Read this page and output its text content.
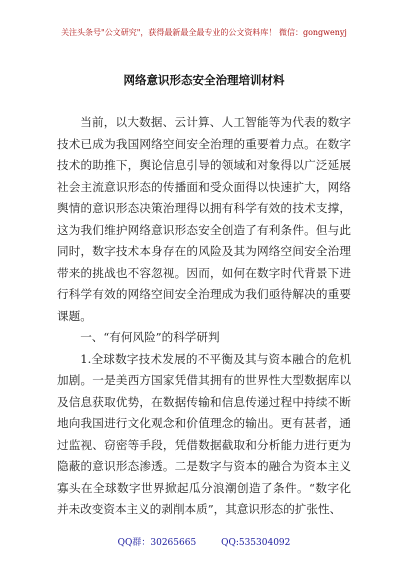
关注头条号"公文研究"，获得最新最全最专业的公文资料库！ 微信：gongwenyj
网络意识形态安全治理培训材料

当前，以大数据、云计算、人工智能等为代表的数字技术已成为我国网络空间安全治理的重要着力点。在数字技术的助推下，舆论信息引导的领域和对象得以广泛延展社会主流意识形态的传播面和受众面得以快速扩大，网络舆情的意识形态决策治理得以拥有科学有效的技术支撑，这为我们维护网络意识形态安全创造了有利条件。但与此同时，数字技术本身存在的风险及其为网络空间安全治理带来的挑战也不容忽视。因而，如何在数字时代背景下进行科学有效的网络空间安全治理成为我们亟待解决的重要课题。

一、“有何风险”的科学研判

1.全球数字技术发展的不平衡及其与资本融合的危机加剧。一是美西方国家凭借其拥有的世界性大型数据库以及信息获取优势，在数据传输和信息传递过程中持续不断地向我国进行文化观念和价值理念的输出。更有甚者，通过监视、窃密等手段，凭借数据截取和分析能力进行更为隐蔽的意识形态渗透。二是数字与资本的融合为资本主义寡头在全球数字世界掀起瓜分浪潮创造了条件。“数字化并未改变资本主义的剥削本质”，其意识形态的扩张性、

QQ群：30265665	QQ:535304092
